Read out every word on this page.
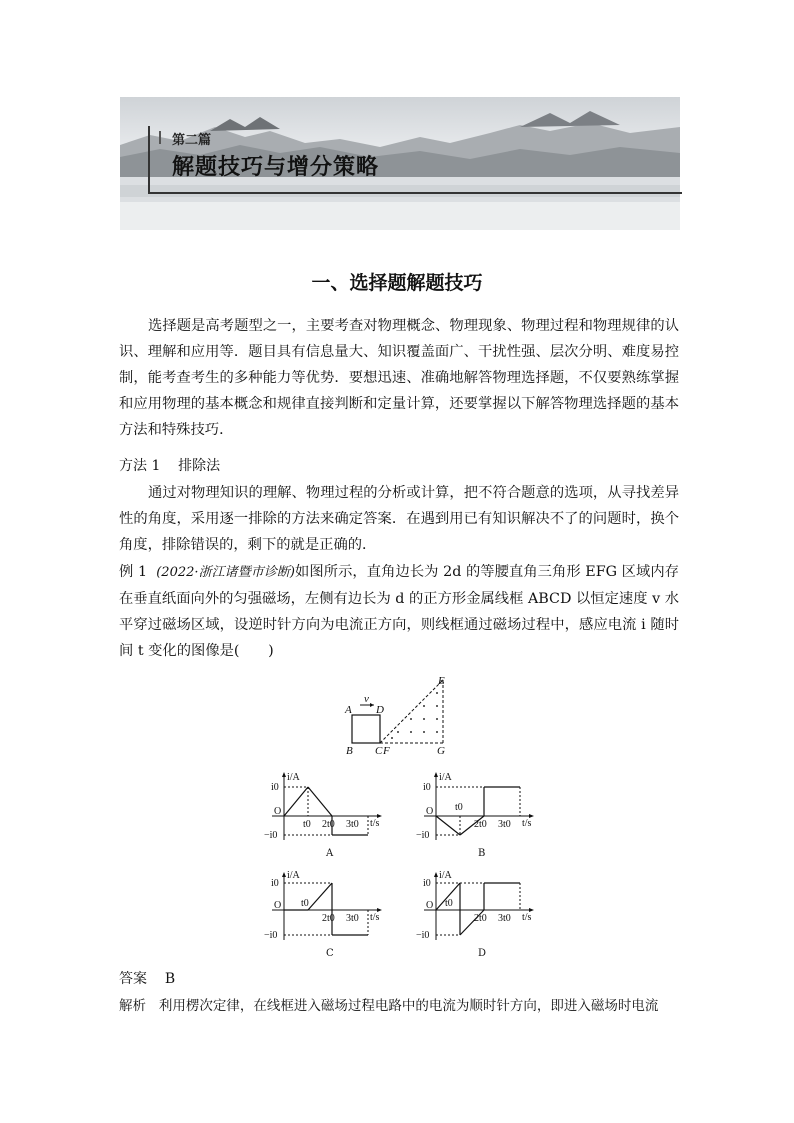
第二篇
解题技巧与增分策略
一、选择题解题技巧
选择题是高考题型之一，主要考查对物理概念、物理现象、物理过程和物理规律的认识、理解和应用等．题目具有信息量大、知识覆盖面广、干扰性强、层次分明、难度易控制，能考查考生的多种能力等优势．要想迅速、准确地解答物理选择题，不仅要熟练掌握和应用物理的基本概念和规律直接判断和定量计算，还要掌握以下解答物理选择题的基本方法和特殊技巧．
方法 1 排除法
通过对物理知识的理解、物理过程的分析或计算，把不符合题意的选项，从寻找差异性的角度，采用逐一排除的方法来确定答案．在遇到用已有知识解决不了的问题时，换个角度，排除错误的，剩下的就是正确的．
例 1 (2022·浙江诸暨市诊断)如图所示，直角边长为 2d 的等腰直角三角形 EFG 区域内存在垂直纸面向外的匀强磁场，左侧有边长为 d 的正方形金属线框 ABCD 以恒定速度 v 水平穿过磁场区域，设逆时针方向为电流正方向，则线框通过磁场过程中，感应电流 i 随时间 t 变化的图像是(　　)
v
A D
B C F
E
G
i/A
t/s
O
i0
−i0
t0 2t0 3t0
A
i/A
t/s
O
i0
−i0
t0
2t0 3t0
B
i/A
t/s
O
i0
−i0
t0
2t0 3t0
C
i/A
t/s
O
i0
−i0
t0
2t0 3t0
D
答案 B
解析 利用楞次定律，在线框进入磁场过程电路中的电流为顺时针方向，即进入磁场时电流
